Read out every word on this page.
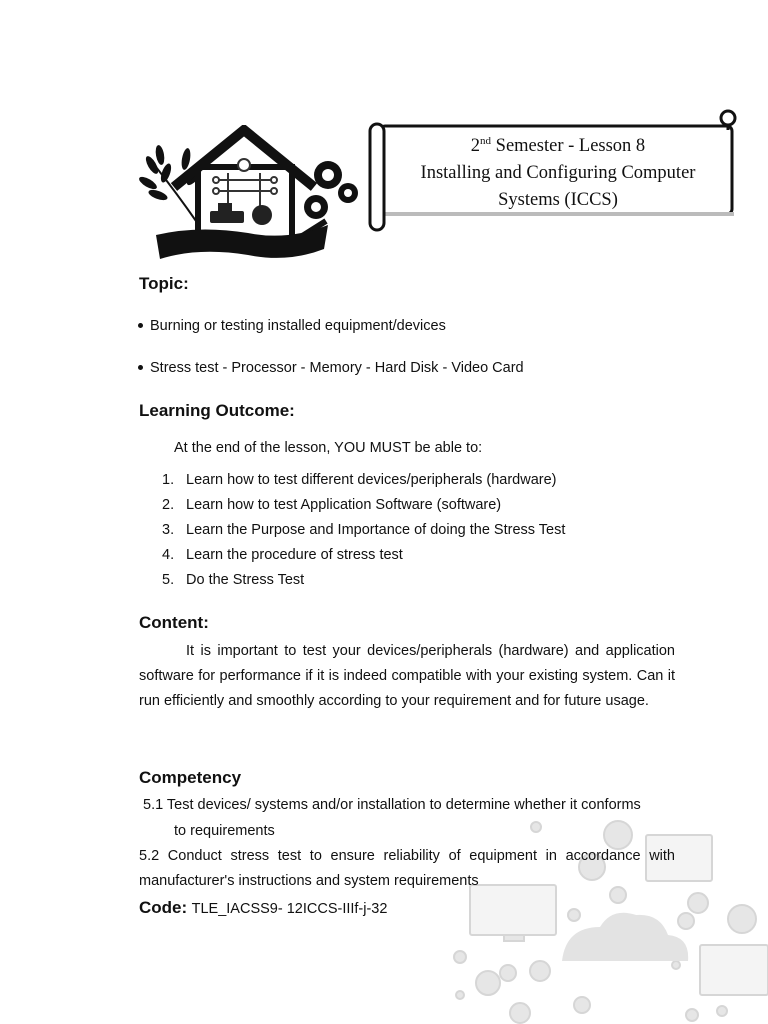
2nd Semester - Lesson 8
Installing and Configuring Computer
Systems (ICCS)
Topic:
Burning or testing installed equipment/devices
Stress test - Processor - Memory - Hard Disk - Video Card
Learning Outcome:
At the end of the lesson, YOU MUST be able to:
1. Learn how to test different devices/peripherals (hardware)
2. Learn how to test Application Software (software)
3. Learn the Purpose and Importance of doing the Stress Test
4. Learn the procedure of stress test
5. Do the Stress Test
Content:
It is important to test your devices/peripherals (hardware) and application software for performance if it is indeed compatible with your existing system. Can it run efficiently and smoothly according to your requirement and for future usage.
Competency
5.1 Test devices/ systems and/or installation to determine whether it conforms
to requirements
5.2 Conduct stress test to ensure reliability of equipment in accordance with manufacturer's instructions and system requirements
Code: TLE_IACSS9- 12ICCS-IIIf-j-32
